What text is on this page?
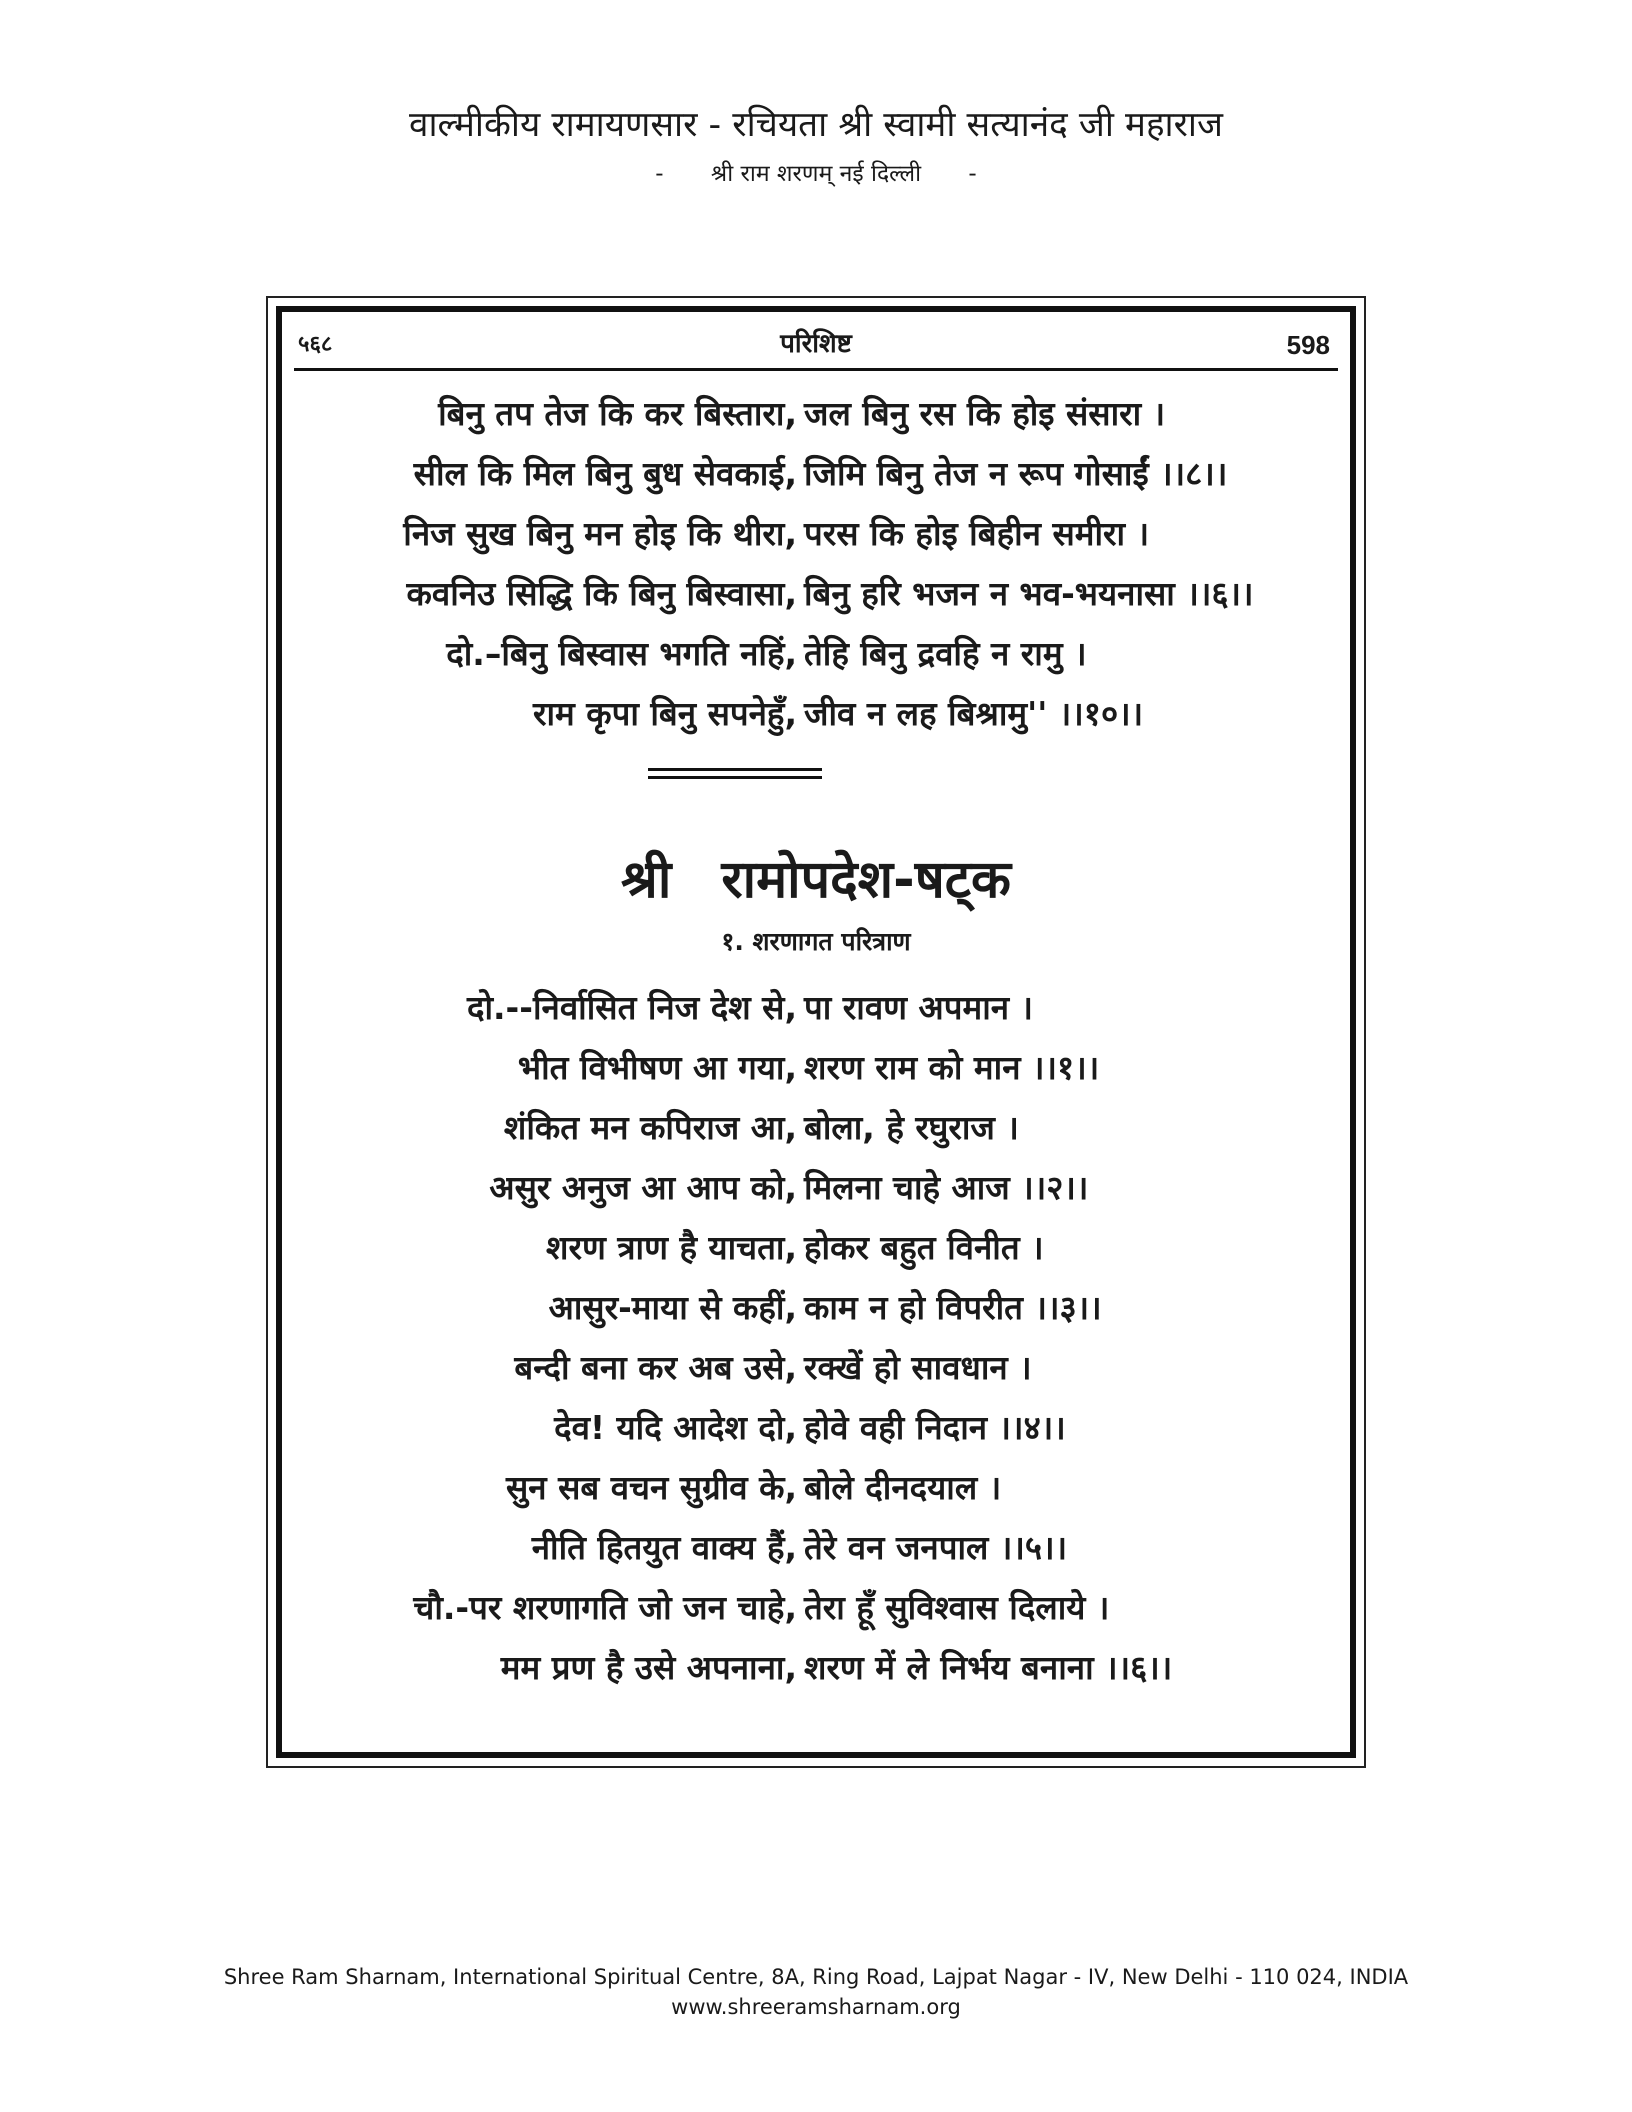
वाल्मीकीय रामायणसार - रचियता श्री स्वामी सत्यानंद जी महाराज
- श्री राम शरणम् नई दिल्ली -
५६८	परिशिष्ट	598
बिनु तप तेज कि कर बिस्तारा, जल बिनु रस कि होइ संसारा ।
सील कि मिल बिनु बुध सेवकाई, जिमि बिनु तेज न रूप गोसाईं ।।८।।
निज सुख बिनु मन होइ कि थीरा, परस कि होइ बिहीन समीरा ।
कवनिउ सिद्धि कि बिनु बिस्वासा, बिनु हरि भजन न भव-भयनासा ।।६।।
दो.–बिनु बिस्वास भगति नहिं, तेहि बिनु द्रवहि न रामु ।
राम कृपा बिनु सपनेहुँ, जीव न लह बिश्रामु'' ।।१०।।
श्री रामोपदेश-षट्क
१. शरणागत परित्राण
दो.--निर्वासित निज देश से, पा रावण अपमान ।
भीत विभीषण आ गया, शरण राम को मान ।।१।।
शंकित मन कपिराज आ, बोला, हे रघुराज ।
असुर अनुज आ आप को, मिलना चाहे आज ।।२।।
शरण त्राण है याचता, होकर बहुत विनीत ।
आसुर-माया से कहीं, काम न हो विपरीत ।।३।।
बन्दी बना कर अब उसे, रक्खें हो सावधान ।
देव! यदि आदेश दो, होवे वही निदान ।।४।।
सुन सब वचन सुग्रीव के, बोले दीनदयाल ।
नीति हितयुत वाक्य हैं, तेरे वन जनपाल ।।५।।
चौ.-पर शरणागति जो जन चाहे, तेरा हूँ सुविश्वास दिलाये ।
मम प्रण है उसे अपनाना, शरण में ले निर्भय बनाना ।।६।।
Shree Ram Sharnam, International Spiritual Centre, 8A, Ring Road, Lajpat Nagar - IV, New Delhi - 110 024, INDIA
www.shreeramsharnam.org
